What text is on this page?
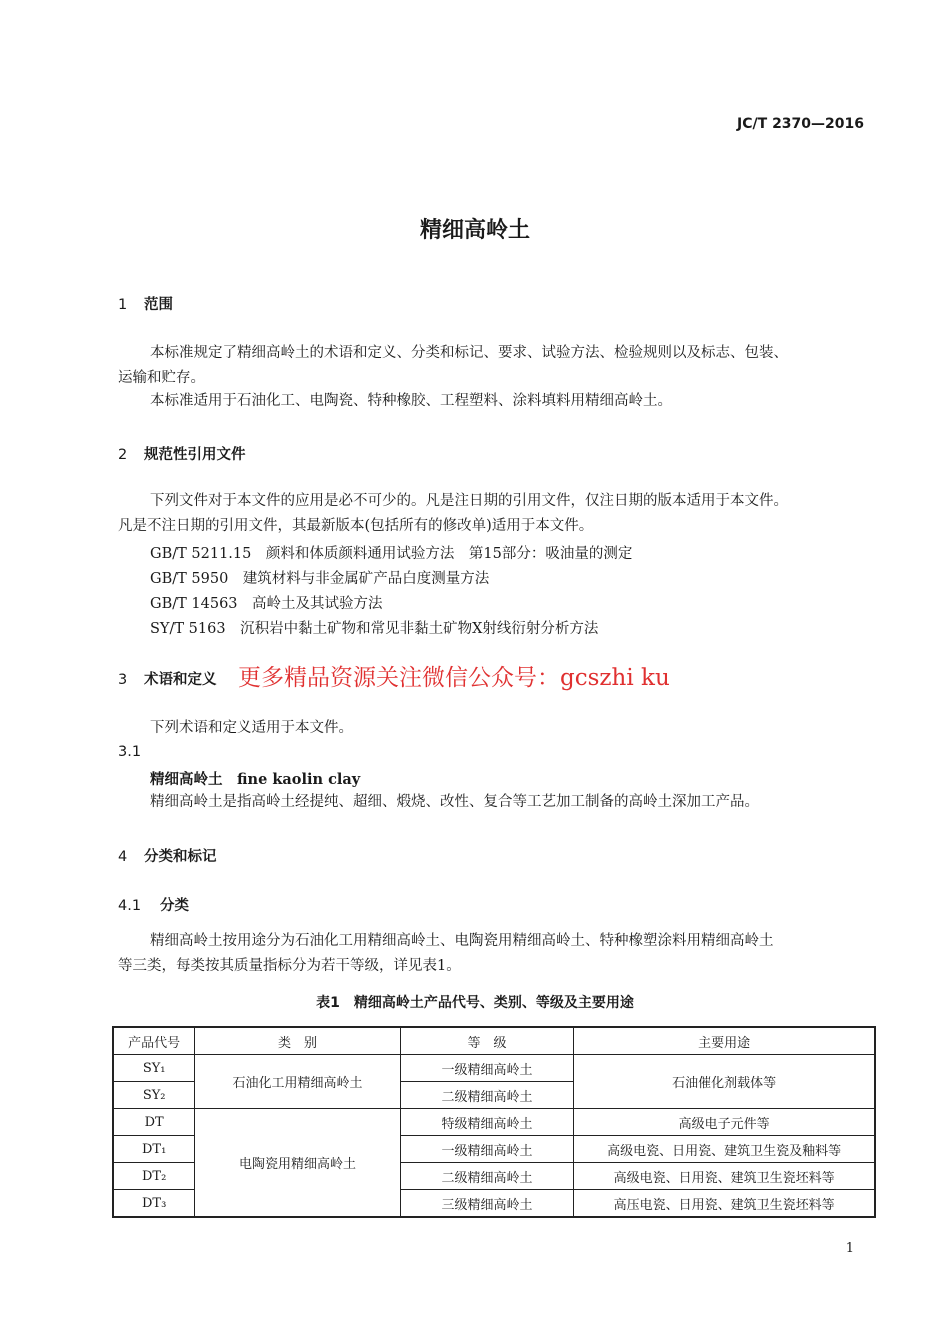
JC/T 2370—2016
精细高岭土
1 范围
本标准规定了精细高岭土的术语和定义、分类和标记、要求、试验方法、检验规则以及标志、包装、
运输和贮存。
本标准适用于石油化工、电陶瓷、特种橡胶、工程塑料、涂料填料用精细高岭土。
2 规范性引用文件
下列文件对于本文件的应用是必不可少的。凡是注日期的引用文件，仅注日期的版本适用于本文件。
凡是不注日期的引用文件，其最新版本(包括所有的修改单)适用于本文件。
GB/T 5211.15　颜料和体质颜料通用试验方法　第15部分：吸油量的测定
GB/T 5950　建筑材料与非金属矿产品白度测量方法
GB/T 14563　高岭土及其试验方法
SY/T 5163　沉积岩中黏土矿物和常见非黏土矿物X射线衍射分析方法
3 术语和定义 更多精品资源关注微信公众号：gcszhi ku
下列术语和定义适用于本文件。
3.1
精细高岭土　fine kaolin clay
精细高岭土是指高岭土经提纯、超细、煅烧、改性、复合等工艺加工制备的高岭土深加工产品。
4 分类和标记
4.1 分类
精细高岭土按用途分为石油化工用精细高岭土、电陶瓷用精细高岭土、特种橡塑涂料用精细高岭土
等三类，每类按其质量指标分为若干等级，详见表1。
表1　精细高岭土产品代号、类别、等级及主要用途
产品代号	类　别	等　级	主要用途
SY₁	石油化工用精细高岭土	一级精细高岭土	石油催化剂载体等
SY₂		二级精细高岭土	
DT	电陶瓷用精细高岭土	特级精细高岭土	高级电子元件等
DT₁		一级精细高岭土	高级电瓷、日用瓷、建筑卫生瓷及釉料等
DT₂		二级精细高岭土	高级电瓷、日用瓷、建筑卫生瓷坯料等
DT₃		三级精细高岭土	高压电瓷、日用瓷、建筑卫生瓷坯料等
1
